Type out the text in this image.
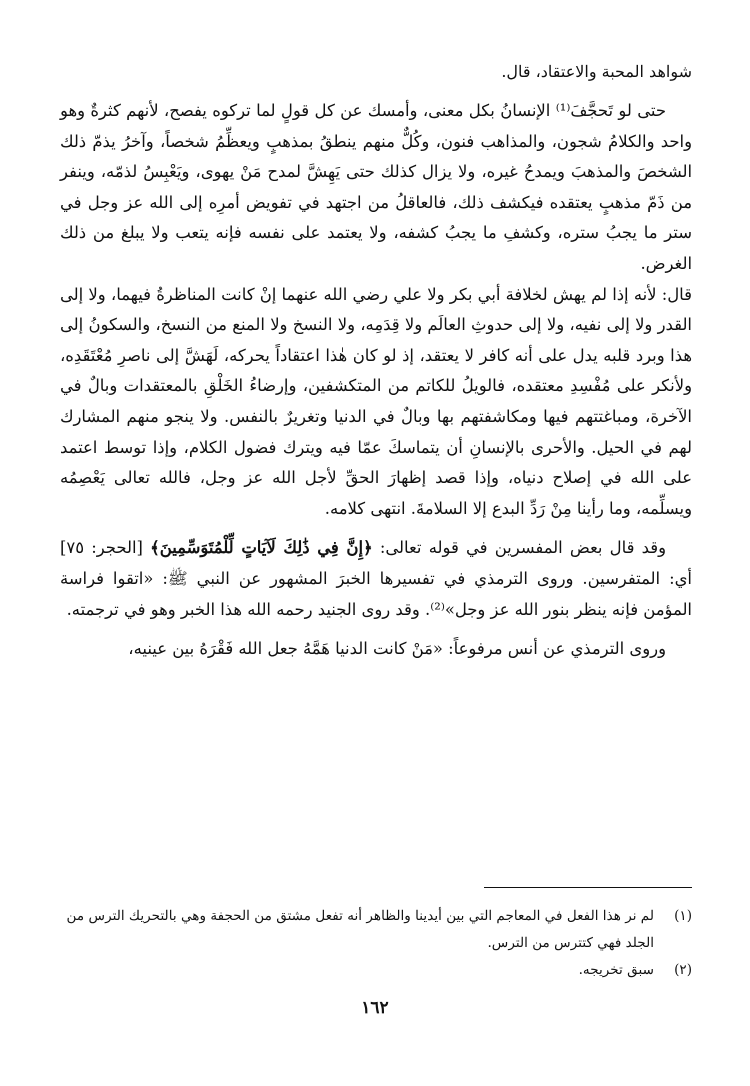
شواهد المحبة والاعتقاد، قال.

حتى لو تَحجَّفَ⁽¹⁾ الإنسانُ بكل معنى، وأمسك عن كل قولٍ لما تركوه يفصح، لأنهم كثرةٌ وهو واحد والكلامُ شجون، والمذاهب فنون، وكُلٌّ منهم ينطقُ بمذهبٍ ويعظِّمُ شخصاً، وآخرُ يذمّ ذلك الشخصَ والمذهبَ ويمدحُ غيره، ولا يزال كذلك حتى يَهِشَّ لمدح مَنْ يهوى، ويَعْبِسُ لذمّه، وينفر من ذَمّ مذهبٍ يعتقده فيكشف ذلك، فالعاقلُ من اجتهد في تفويض أمرِه إلى الله عز وجل في ستر ما يجبُ ستره، وكشفِ ما يجبُ كشفه، ولا يعتمد على نفسه فإنه يتعب ولا يبلغ من ذلك الغرض.

قال: لأنه إذا لم يهش لخلافة أبي بكر ولا علي رضي الله عنهما إنْ كانت المناظرةُ فيهما، ولا إلى القدر ولا إلى نفيه، ولا إلى حدوثِ العالَم ولا قِدَمِه، ولا النسخ ولا المنع من النسخ، والسكونُ إلى هذا وبرد قلبه يدل على أنه كافر لا يعتقد، إذ لو كان هٰذا اعتقاداً يحركه، لَهَشَّ إلى ناصرِ مُعْتَقَدِه، ولأنكر على مُفْسِدِ معتقده، فالويلُ للكاتم من المتكشفين، وإرضاءُ الخَلْقِ بالمعتقدات وبالٌ في الآخرة، ومباغتتهم فيها ومكاشفتهم بها وبالٌ في الدنيا وتغريرٌ بالنفس. ولا ينجو منهم المشارك لهم في الحيل. والأحرى بالإنسانِ أن يتماسكَ عمّا فيه ويترك فضول الكلام، وإذا توسط اعتمد على الله في إصلاح دنياه، وإذا قصد إظهارَ الحقِّ لأجل الله عز وجل، فالله تعالى يَعْصِمُه ويسلِّمه، وما رأينا مِنْ رَدِّ البدع إلا السلامةَ. انتهى كلامه.

وقد قال بعض المفسرين في قوله تعالى: ﴿إِنَّ فِي ذَٰلِكَ لَآيَاتٍ لِّلْمُتَوَسِّمِينَ﴾ [الحجر: ٧٥] أي: المتفرسين. وروى الترمذي في تفسيرها الخبرَ المشهور عن النبي ﷺ: «اتقوا فراسة المؤمن فإنه ينظر بنور الله عز وجل»⁽²⁾. وقد روى الجنيد رحمه الله هذا الخبر وهو في ترجمته.

وروى الترمذي عن أنس مرفوعاً: «مَنْ كانت الدنيا هَمَّهُ جعل الله فَقْرَهُ بين عينيه،

(١)
لم نر هذا الفعل في المعاجم التي بين أيدينا والظاهر أنه تفعل مشتق من الحجفة وهي بالتحريك الترس من الجلد فهي كتترس من الترس.

(٢)
سبق تخريجه.

١٦٢
